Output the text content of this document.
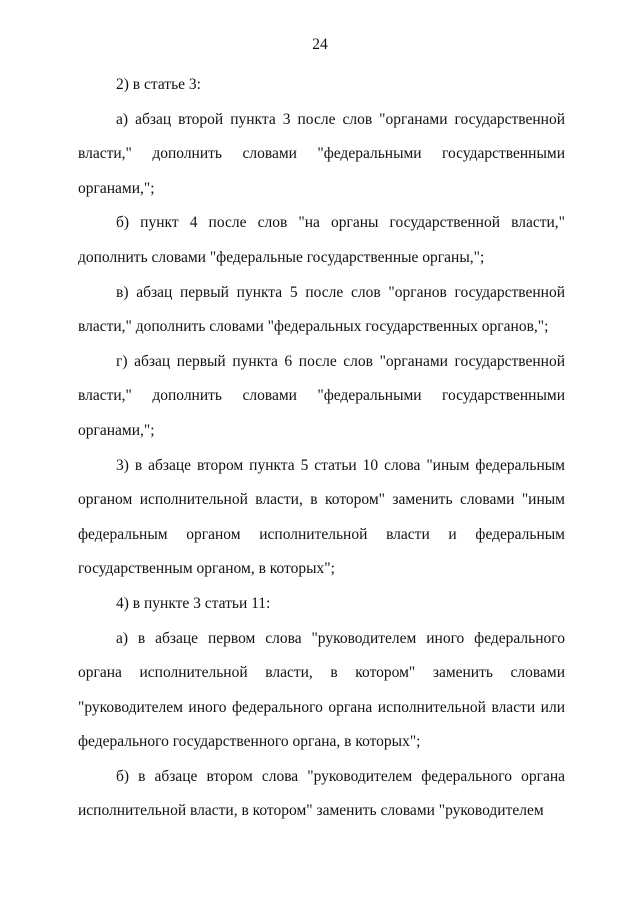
24

2) в статье 3:

а) абзац второй пункта 3 после слов "органами государственной власти," дополнить словами "федеральными государственными органами,";

б) пункт 4 после слов "на органы государственной власти," дополнить словами "федеральные государственные органы,";

в) абзац первый пункта 5 после слов "органов государственной власти," дополнить словами "федеральных государственных органов,";

г) абзац первый пункта 6 после слов "органами государственной власти," дополнить словами "федеральными государственными органами,";

3) в абзаце втором пункта 5 статьи 10 слова "иным федеральным органом исполнительной власти, в котором" заменить словами "иным федеральным органом исполнительной власти и федеральным государственным органом, в которых";

4) в пункте 3 статьи 11:

а) в абзаце первом слова "руководителем иного федерального органа исполнительной власти, в котором" заменить словами "руководителем иного федерального органа исполнительной власти или федерального государственного органа, в которых";

б) в абзаце втором слова "руководителем федерального органа исполнительной власти, в котором" заменить словами "руководителем
